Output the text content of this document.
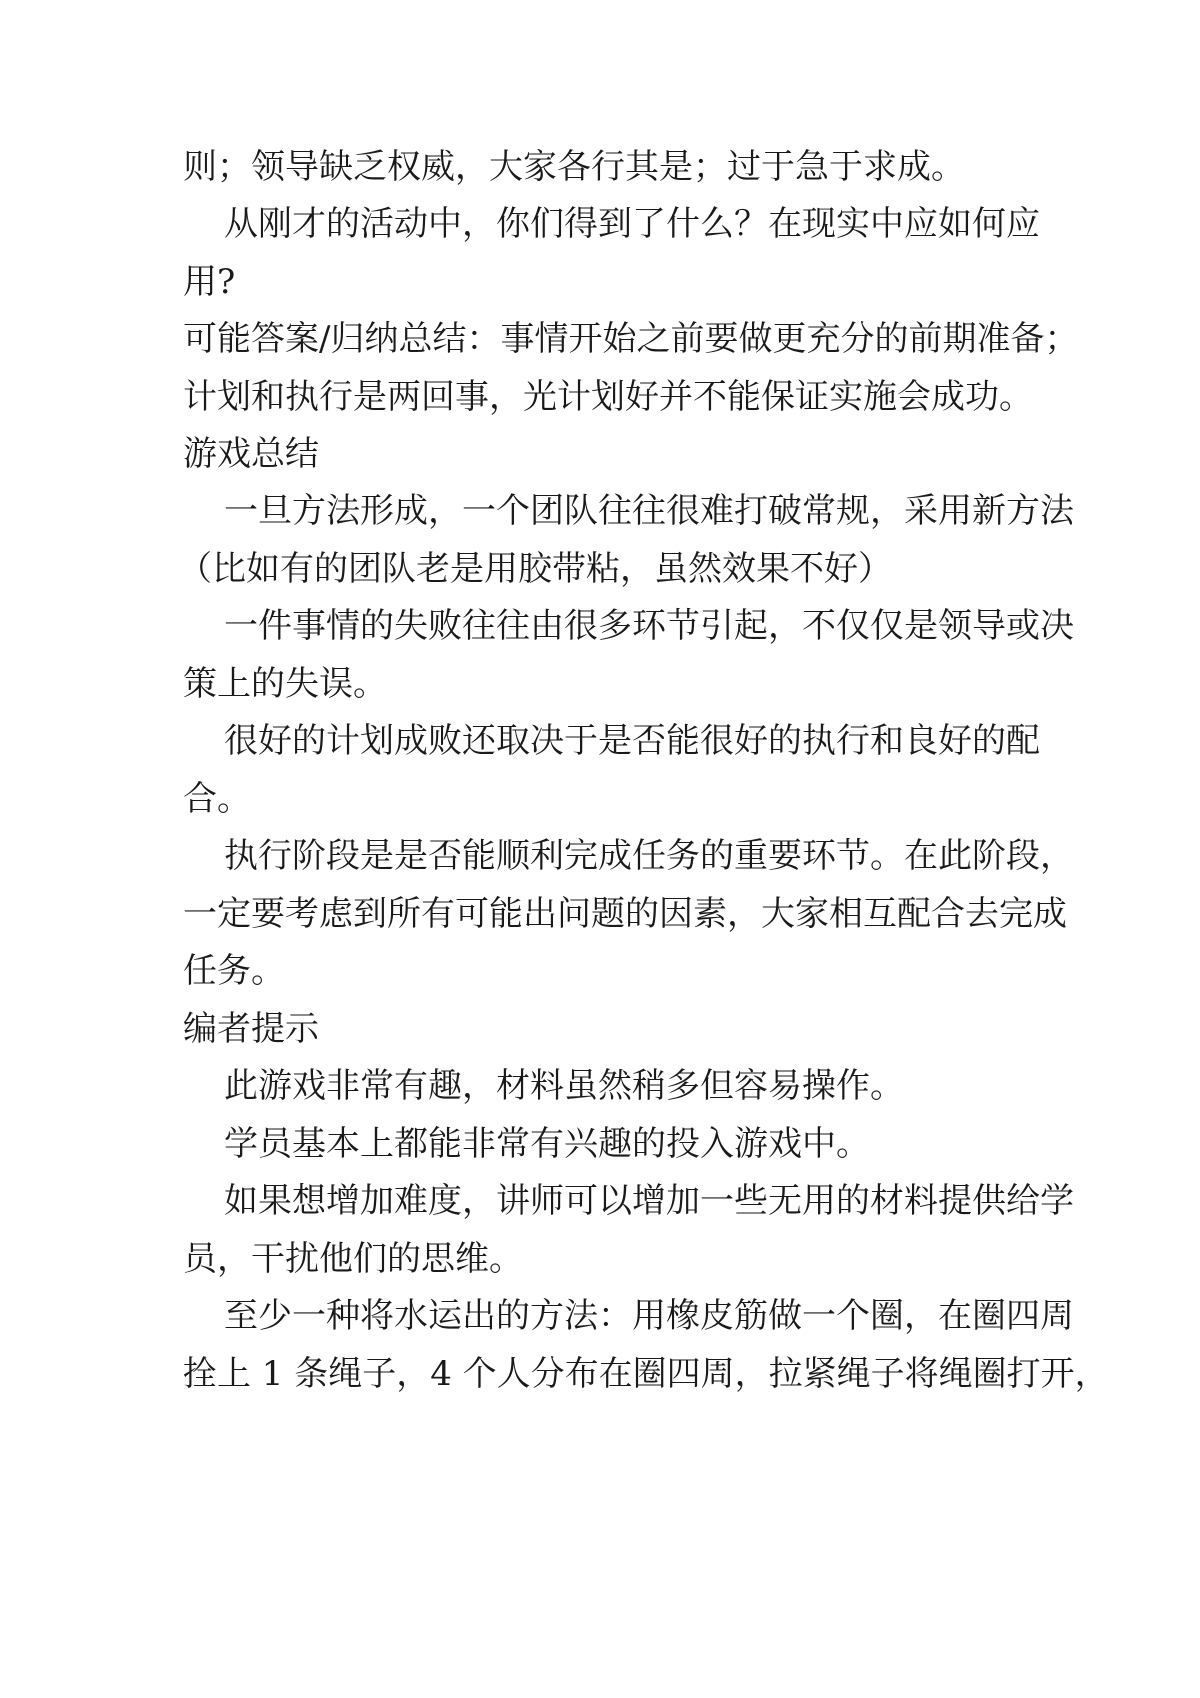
则；领导缺乏权威，大家各行其是；过于急于求成。

从刚才的活动中，你们得到了什么？在现实中应如何应

用?

可能答案/归纳总结：事情开始之前要做更充分的前期准备；

计划和执行是两回事，光计划好并不能保证实施会成功。

游戏总结

一旦方法形成，一个团队往往很难打破常规，采用新方法

（比如有的团队老是用胶带粘，虽然效果不好）

一件事情的失败往往由很多环节引起，不仅仅是领导或决

策上的失误。

很好的计划成败还取决于是否能很好的执行和良好的配

合。

执行阶段是是否能顺利完成任务的重要环节。在此阶段，

一定要考虑到所有可能出问题的因素，大家相互配合去完成

任务。

编者提示

此游戏非常有趣，材料虽然稍多但容易操作。

学员基本上都能非常有兴趣的投入游戏中。

如果想增加难度，讲师可以增加一些无用的材料提供给学

员，干扰他们的思维。

至少一种将水运出的方法：用橡皮筋做一个圈，在圈四周

拴上 1 条绳子，4 个人分布在圈四周，拉紧绳子将绳圈打开，
